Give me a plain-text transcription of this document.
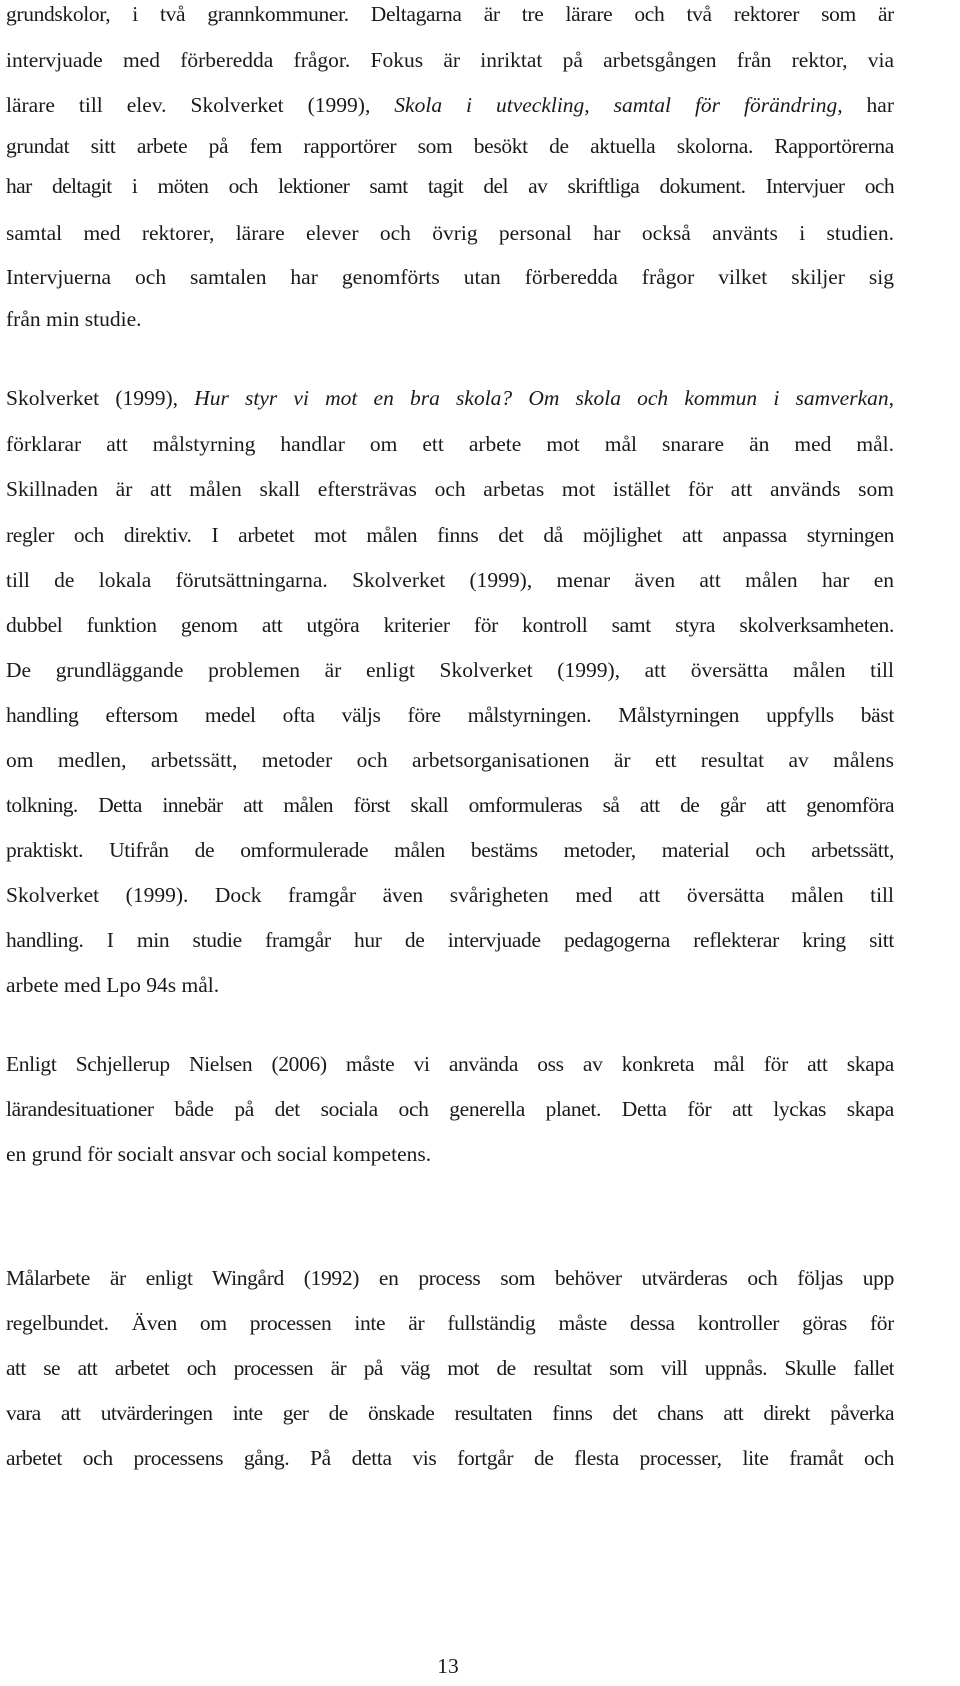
grundskolor, i två grannkommuner. Deltagarna är tre lärare och två rektorer som är
intervjuade med förberedda frågor. Fokus är inriktat på arbetsgången från rektor, via
lärare till elev. Skolverket (1999), Skola i utveckling, samtal för förändring, har
grundat sitt arbete på fem rapportörer som besökt de aktuella skolorna. Rapportörerna
har deltagit i möten och lektioner samt tagit del av skriftliga dokument. Intervjuer och
samtal med rektorer, lärare elever och övrig personal har också använts i studien.
Intervjuerna och samtalen har genomförts utan förberedda frågor vilket skiljer sig
från min studie.
Skolverket (1999), Hur styr vi mot en bra skola? Om skola och kommun i samverkan,
förklarar att målstyrning handlar om ett arbete mot mål snarare än med mål.
Skillnaden är att målen skall eftersträvas och arbetas mot istället för att används som
regler och direktiv. I arbetet mot målen finns det då möjlighet att anpassa styrningen
till de lokala förutsättningarna. Skolverket (1999), menar även att målen har en
dubbel funktion genom att utgöra kriterier för kontroll samt styra skolverksamheten.
De grundläggande problemen är enligt Skolverket (1999), att översätta målen till
handling eftersom medel ofta väljs före målstyrningen. Målstyrningen uppfylls bäst
om medlen, arbetssätt, metoder och arbetsorganisationen är ett resultat av målens
tolkning. Detta innebär att målen först skall omformuleras så att de går att genomföra
praktiskt. Utifrån de omformulerade målen bestäms metoder, material och arbetssätt,
Skolverket (1999). Dock framgår även svårigheten med att översätta målen till
handling. I min studie framgår hur de intervjuade pedagogerna reflekterar kring sitt
arbete med Lpo 94s mål.
Enligt Schjellerup Nielsen (2006) måste vi använda oss av konkreta mål för att skapa
lärandesituationer både på det sociala och generella planet. Detta för att lyckas skapa
en grund för socialt ansvar och social kompetens.
Målarbete är enligt Wingård (1992) en process som behöver utvärderas och följas upp
regelbundet. Även om processen inte är fullständig måste dessa kontroller göras för
att se att arbetet och processen är på väg mot de resultat som vill uppnås. Skulle fallet
vara att utvärderingen inte ger de önskade resultaten finns det chans att direkt påverka
arbetet och processens gång. På detta vis fortgår de flesta processer, lite framåt och
13
